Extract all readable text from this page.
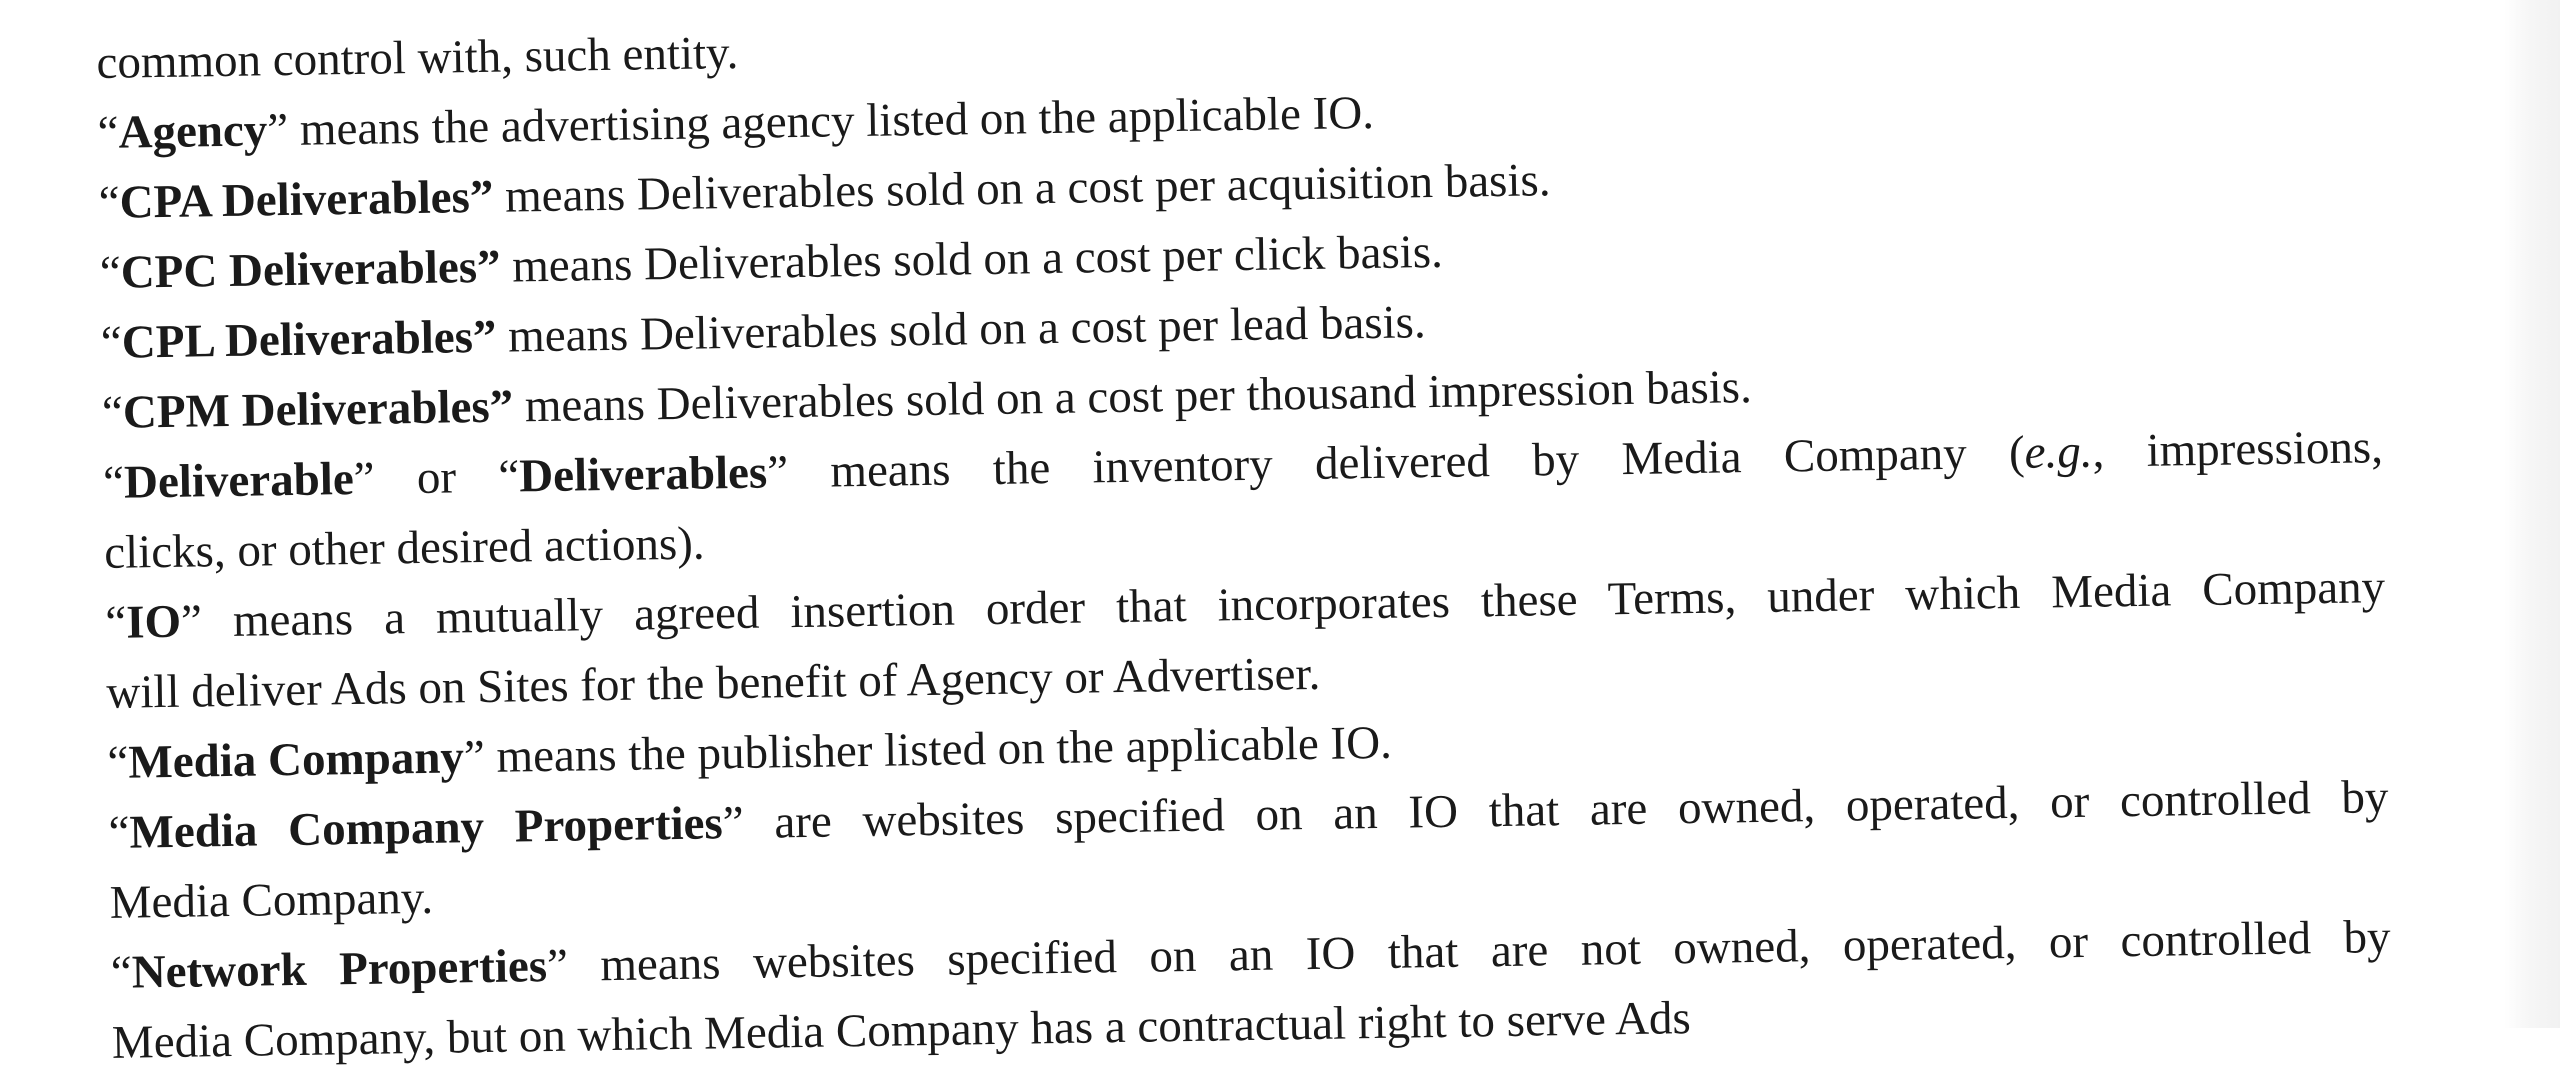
common control with, such entity.
“Agency” means the advertising agency listed on the applicable IO.
“CPA Deliverables” means Deliverables sold on a cost per acquisition basis.
“CPC Deliverables” means Deliverables sold on a cost per click basis.
“CPL Deliverables” means Deliverables sold on a cost per lead basis.
“CPM Deliverables” means Deliverables sold on a cost per thousand impression basis.
“Deliverable” or “Deliverables” means the inventory delivered by Media Company (e.g., impressions,
clicks, or other desired actions).
“IO” means a mutually agreed insertion order that incorporates these Terms, under which Media Company
will deliver Ads on Sites for the benefit of Agency or Advertiser.
“Media Company” means the publisher listed on the applicable IO.
“Media Company Properties” are websites specified on an IO that are owned, operated, or controlled by
Media Company.
“Network Properties” means websites specified on an IO that are not owned, operated, or controlled by
Media Company, but on which Media Company has a contractual right to serve Ads
